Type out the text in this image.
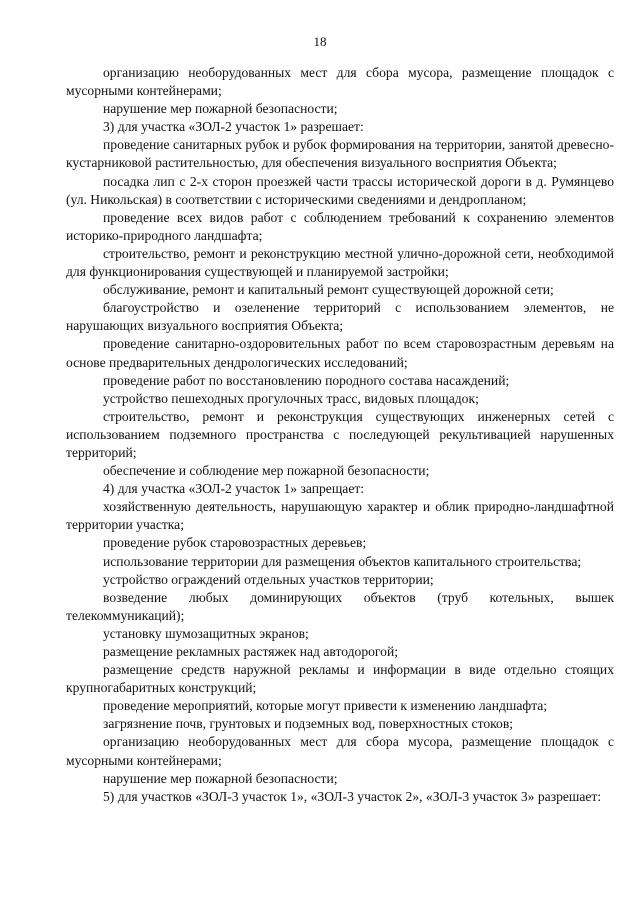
18

организацию необорудованных мест для сбора мусора, размещение площадок с мусорными контейнерами;

нарушение мер пожарной безопасности;

3) для участка «ЗОЛ-2 участок 1» разрешает:

проведение санитарных рубок и рубок формирования на территории, занятой древесно-кустарниковой растительностью, для обеспечения визуального восприятия Объекта;

посадка лип с 2-х сторон проезжей части трассы исторической дороги в д. Румянцево (ул. Никольская) в соответствии с историческими сведениями и дендропланом;

проведение всех видов работ с соблюдением требований к сохранению элементов историко-природного ландшафта;

строительство, ремонт и реконструкцию местной улично-дорожной сети, необходимой для функционирования существующей и планируемой застройки;

обслуживание, ремонт и капитальный ремонт существующей дорожной сети;

благоустройство и озеленение территорий с использованием элементов, не нарушающих визуального восприятия Объекта;

проведение санитарно-оздоровительных работ по всем старовозрастным деревьям на основе предварительных дендрологических исследований;

проведение работ по восстановлению породного состава насаждений;

устройство пешеходных прогулочных трасс, видовых площадок;

строительство, ремонт и реконструкция существующих инженерных сетей с использованием подземного пространства с последующей рекультивацией нарушенных территорий;

обеспечение и соблюдение мер пожарной безопасности;

4) для участка «ЗОЛ-2 участок 1» запрещает:

хозяйственную деятельность, нарушающую характер и облик природно-ландшафтной территории участка;

проведение рубок старовозрастных деревьев;

использование территории для размещения объектов капитального строительства;

устройство ограждений отдельных участков территории;

возведение любых доминирующих объектов (труб котельных, вышек телекоммуникаций);

установку шумозащитных экранов;

размещение рекламных растяжек над автодорогой;

размещение средств наружной рекламы и информации в виде отдельно стоящих крупногабаритных конструкций;

проведение мероприятий, которые могут привести к изменению ландшафта;

загрязнение почв, грунтовых и подземных вод, поверхностных стоков;

организацию необорудованных мест для сбора мусора, размещение площадок с мусорными контейнерами;

нарушение мер пожарной безопасности;

5) для участков «ЗОЛ-3 участок 1», «ЗОЛ-3 участок 2», «ЗОЛ-3 участок 3» разрешает:
